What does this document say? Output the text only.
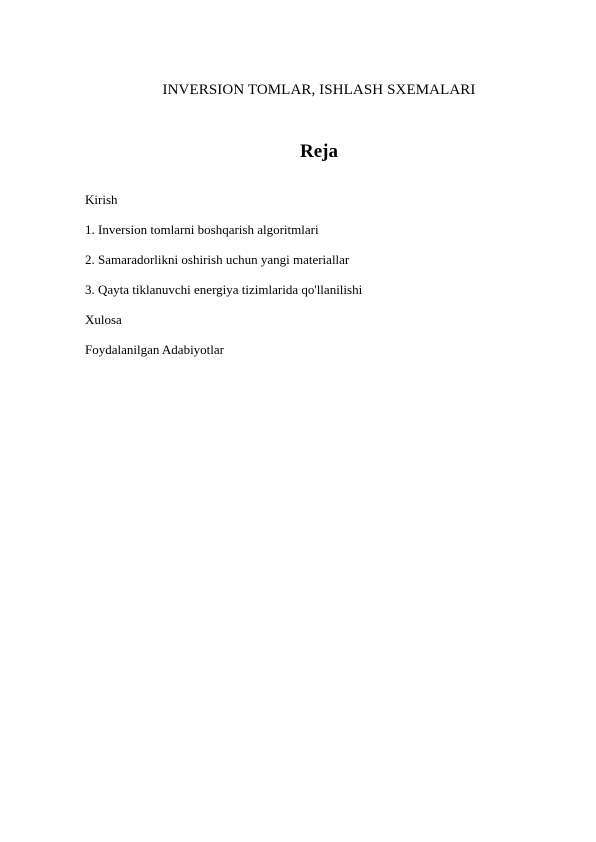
INVERSION TOMLAR, ISHLASH SXEMALARI
Reja
Kirish
1. Inversion tomlarni boshqarish algoritmlari
2. Samaradorlikni oshirish uchun yangi materiallar
3. Qayta tiklanuvchi energiya tizimlarida qo'llanilishi
Xulosa
Foydalanilgan Adabiyotlar
